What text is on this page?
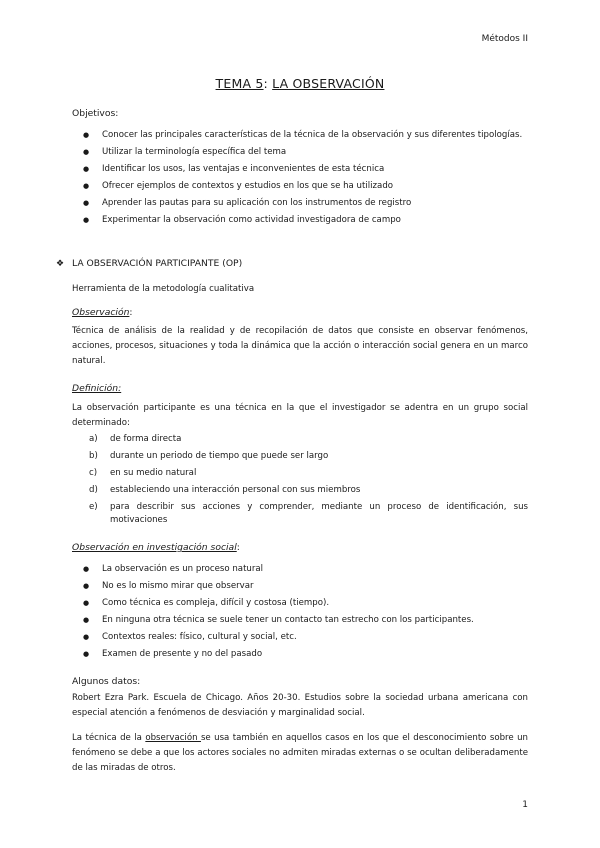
Métodos II
TEMA 5: LA OBSERVACIÓN
Objetivos:
● Conocer las principales características de la técnica de la observación y sus diferentes tipologías.
● Utilizar la terminología específica del tema
● Identificar los usos, las ventajas e inconvenientes de esta técnica
● Ofrecer ejemplos de contextos y estudios en los que se ha utilizado
● Aprender las pautas para su aplicación con los instrumentos de registro
● Experimentar la observación como actividad investigadora de campo
❖ LA OBSERVACIÓN PARTICIPANTE (OP)
Herramienta de la metodología cualitativa
Observación:
Técnica de análisis de la realidad y de recopilación de datos que consiste en observar fenómenos, acciones, procesos, situaciones y toda la dinámica que la acción o interacción social genera en un marco natural.
Definición:
La observación participante es una técnica en la que el investigador se adentra en un grupo social determinado:
a) de forma directa
b) durante un periodo de tiempo que puede ser largo
c) en su medio natural
d) estableciendo una interacción personal con sus miembros
e) para describir sus acciones y comprender, mediante un proceso de identificación, sus motivaciones
Observación en investigación social:
● La observación es un proceso natural
● No es lo mismo mirar que observar
● Como técnica es compleja, difícil y costosa (tiempo).
● En ninguna otra técnica se suele tener un contacto tan estrecho con los participantes.
● Contextos reales: físico, cultural y social, etc.
● Examen de presente y no del pasado
Algunos datos:
Robert Ezra Park. Escuela de Chicago. Años 20-30. Estudios sobre la sociedad urbana americana con especial atención a fenómenos de desviación y marginalidad social.
La técnica de la observación se usa también en aquellos casos en los que el desconocimiento sobre un fenómeno se debe a que los actores sociales no admiten miradas externas o se ocultan deliberadamente de las miradas de otros.
1
